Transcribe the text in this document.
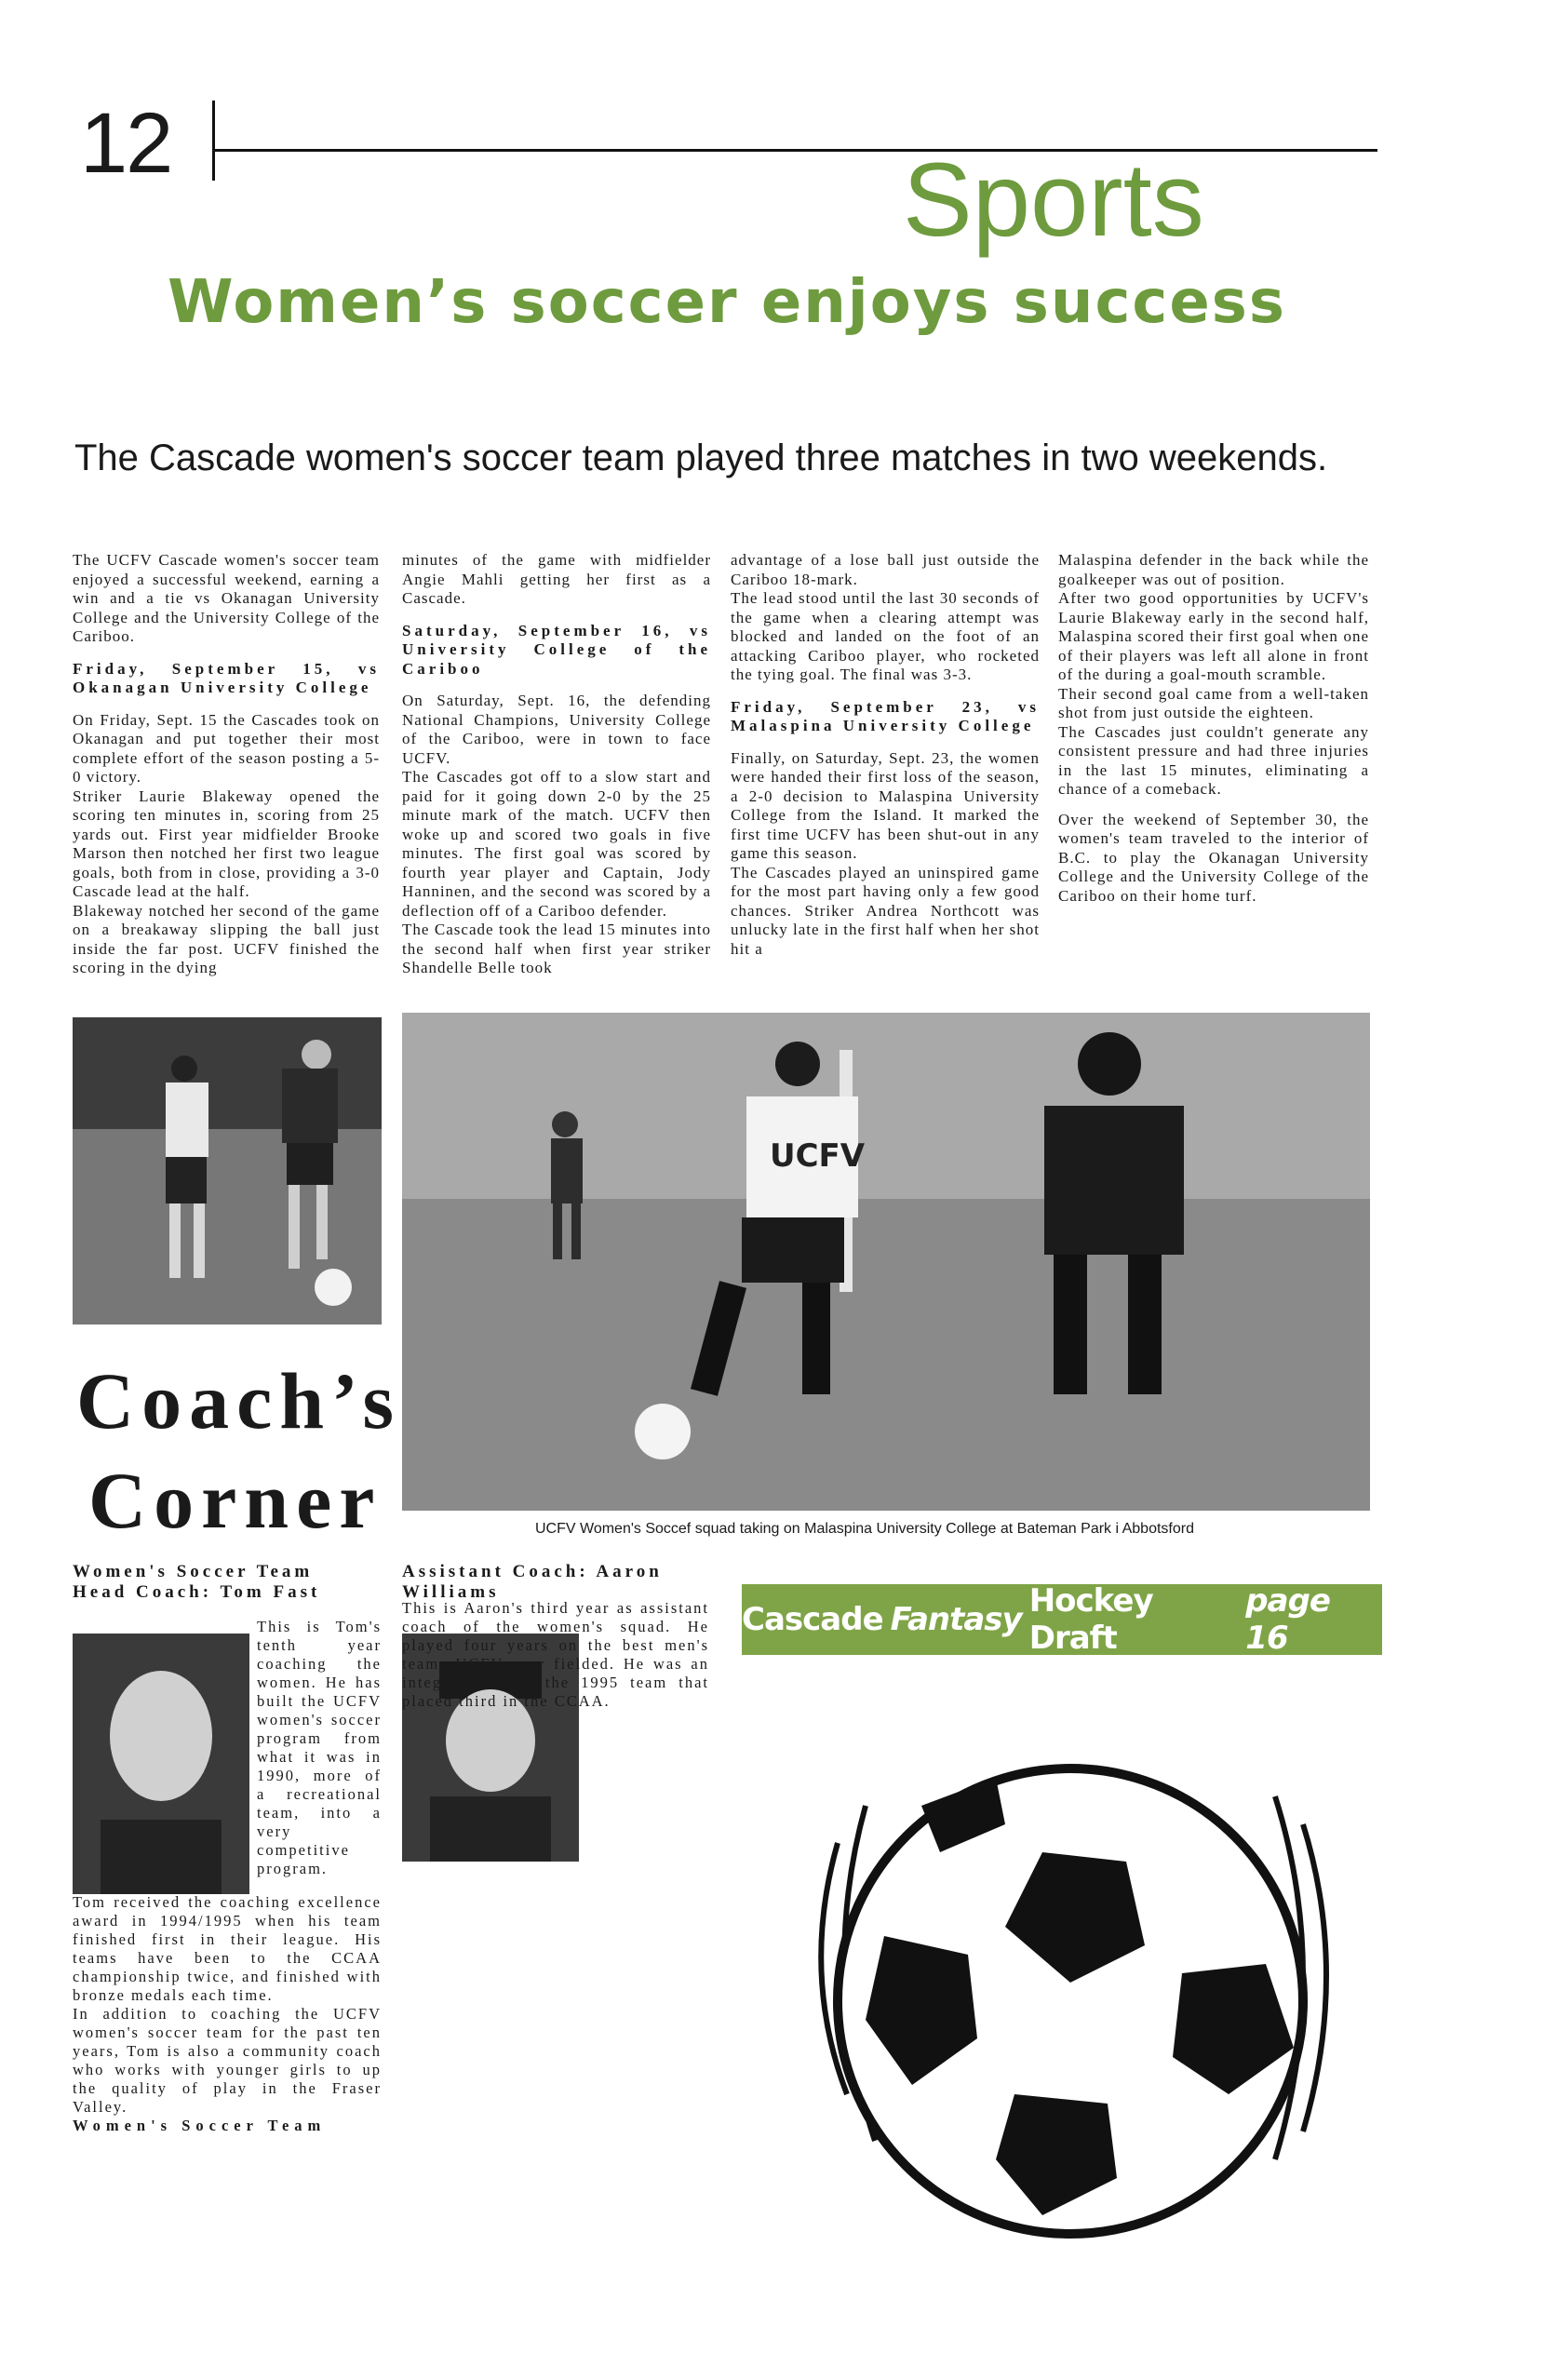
12	Sports
Women’s soccer enjoys success
The Cascade women's soccer team played three matches in two weekends.

The UCFV Cascade women's soccer team enjoyed a successful weekend, earning a win and a tie vs Okanagan University College and the University College of the Cariboo.

Friday, September 15, vs Okanagan University College

On Friday, Sept. 15 the Cascades took on Okanagan and put together their most complete effort of the season posting a 5-0 victory.

Striker Laurie Blakeway opened the scoring ten minutes in, scoring from 25 yards out. First year midfielder Brooke Marson then notched her first two league goals, both from in close, providing a 3-0 Cascade lead at the half.

Blakeway notched her second of the game on a breakaway slipping the ball just inside the far post. UCFV finished the scoring in the dying

minutes of the game with midfielder Angie Mahli getting her first as a Cascade.

Saturday, September 16, vs University College of the Cariboo

On Saturday, Sept. 16, the defending National Champions, University College of the Cariboo, were in town to face UCFV.

The Cascades got off to a slow start and paid for it going down 2-0 by the 25 minute mark of the match. UCFV then woke up and scored two goals in five minutes. The first goal was scored by fourth year player and Captain, Jody Hanninen, and the second was scored by a deflection off of a Cariboo defender.

The Cascade took the lead 15 minutes into the second half when first year striker Shandelle Belle took

advantage of a lose ball just outside the Cariboo 18-mark.

The lead stood until the last 30 seconds of the game when a clearing attempt was blocked and landed on the foot of an attacking Cariboo player, who rocketed the tying goal. The final was 3-3.

Friday, September 23, vs Malaspina University College

Finally, on Saturday, Sept. 23, the women were handed their first loss of the season, a 2-0 decision to Malaspina University College from the Island. It marked the first time UCFV has been shut-out in any game this season.

The Cascades played an uninspired game for the most part having only a few good chances. Striker Andrea Northcott was unlucky late in the first half when her shot hit a

Malaspina defender in the back while the goalkeeper was out of position.

After two good opportunities by UCFV's Laurie Blakeway early in the second half, Malaspina scored their first goal when one of their players was left all alone in front of the during a goal-mouth scramble.

Their second goal came from a well-taken shot from just outside the eighteen.

The Cascades just couldn't generate any consistent pressure and had three injuries in the last 15 minutes, eliminating a chance of a comeback.

Over the weekend of September 30, the women's team traveled to the interior of B.C. to play the Okanagan University College and the University College of the Cariboo on their home turf.

UCFV
UCFV Women's Soccef squad taking on Malaspina University College at Bateman Park i Abbotsford
Coach’s
Corner
Women's Soccer Team Head Coach: Tom Fast
This is Tom's tenth year coaching the women. He has built the UCFV women's soccer program from what it was in 1990, more of a recreational team, into a very competitive program.

Tom received the coaching excellence award in 1994/1995 when his team finished first in their league. His teams have been to the CCAA championship twice, and finished with bronze medals each time.

In addition to coaching the UCFV women's soccer team for the past ten years, Tom is also a community coach who works with younger girls to up the quality of play in the Fraser Valley.

Women's Soccer Team

Assistant Coach: Aaron Williams
This is Aaron's third year as assistant coach of the women's squad. He played four years on the best men's teams UCFV ever fielded. He was an integral part of the 1995 team that placed third in the CCAA.
Cascade Fantasy Hockey Draft
page 16
